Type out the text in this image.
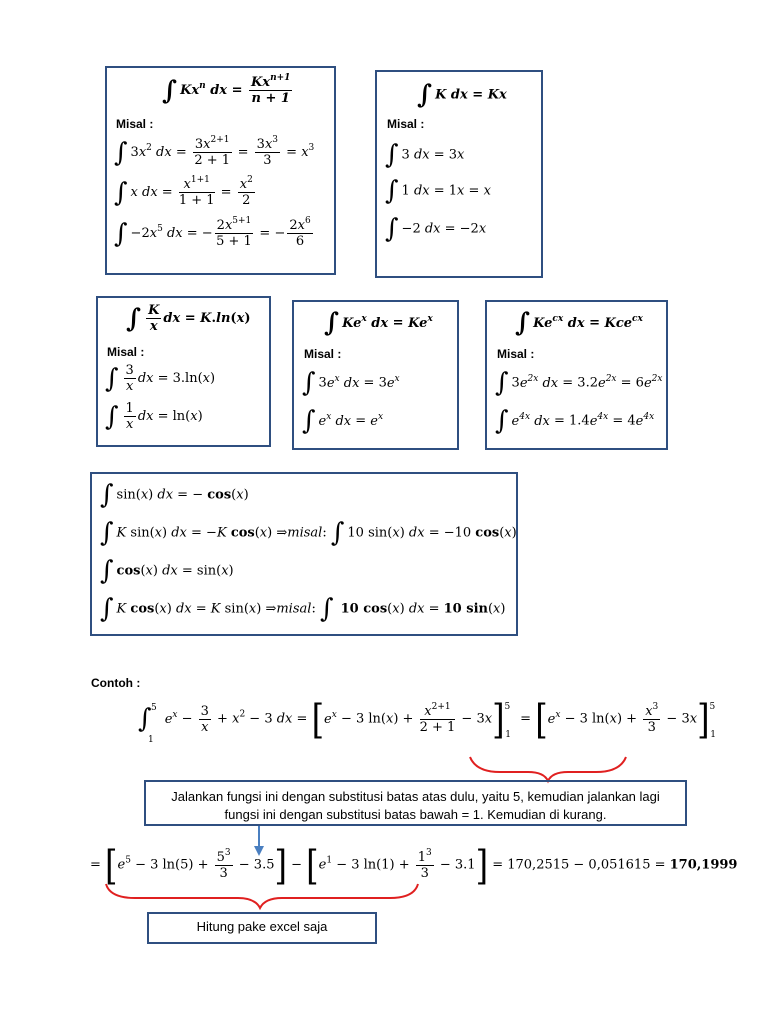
∫ Kx$^n$ dx =
$Kx^{n+1}$
n + 1
Misal :
∫ $3x^2$ dx = $\frac{3x^{2+1}}{2 + 1} = \frac{3x^3}{3} = x^3$
∫ x dx = $\frac{x^{1+1}}{1 + 1} = \frac{x^2}{2}$
∫ $-2x^5$ dx = − $\frac{2x^{5+1}}{5 + 1}$ = − $\frac{2x^6}{6}$
∫ K dx = Kx
Misal :
∫ 3 dx = 3x
∫ 1 dx = 1x = x
∫ −2 dx = −2x
∫ $\frac{K}{x}$ dx = K.ln(x)
Misal :
∫ $\frac{3}{x}$ dx = 3.ln(x)
∫ $\frac{1}{x}$ dx = ln(x)
∫ Ke$^x$ dx = $Ke^x$
Misal :
∫ $3e^x$ dx = $3e^x$
∫ $e^x$ dx = $e^x$
∫ $Ke^{cx}$ dx = Kce$^{cx}$
Misal :
∫ $3e^{2x}$ dx = $3.2e^{2x} = 6e^{2x}$
∫ $e^{4x}$ dx = $1.4e^{4x} = 4e^{4x}$
∫ sin(x) dx = − cos(x)
∫ K sin(x) dx = −K cos(x) ⇒misal: ∫ 10 sin(x) dx = −10 cos(x)
∫ cos(x) dx = sin(x)
∫ K cos(x) dx = K sin(x) ⇒misal: ∫ 10 cos(x) dx = 10 sin(x)
Contoh :
∫ 5
1
$e^x - \frac{3}{x} + x^2 - 3$ dx = [$e^x - 3$ $\ln(x) + \frac{x^{2+1}}{2 + 1} - 3x]^5_1 = [e^x - 3$ $\ln(x) + \frac{x^3}{3} - 3x]^5_1$
Jalankan fungsi ini dengan substitusi batas atas dulu, yaitu 5, kemudian jalankan lagi fungsi ini dengan substitusi batas bawah = 1. Kemudian di kurang.
= [$e^5 - 3$ $\ln(5) + \frac{5^3}{3} - 3.5] - [e^1 - 3$ $\ln(1) + \frac{1^3}{3} - 3.1] = 170,2515 - 0,051615 = 170,1999$
Hitung pake excel saja
